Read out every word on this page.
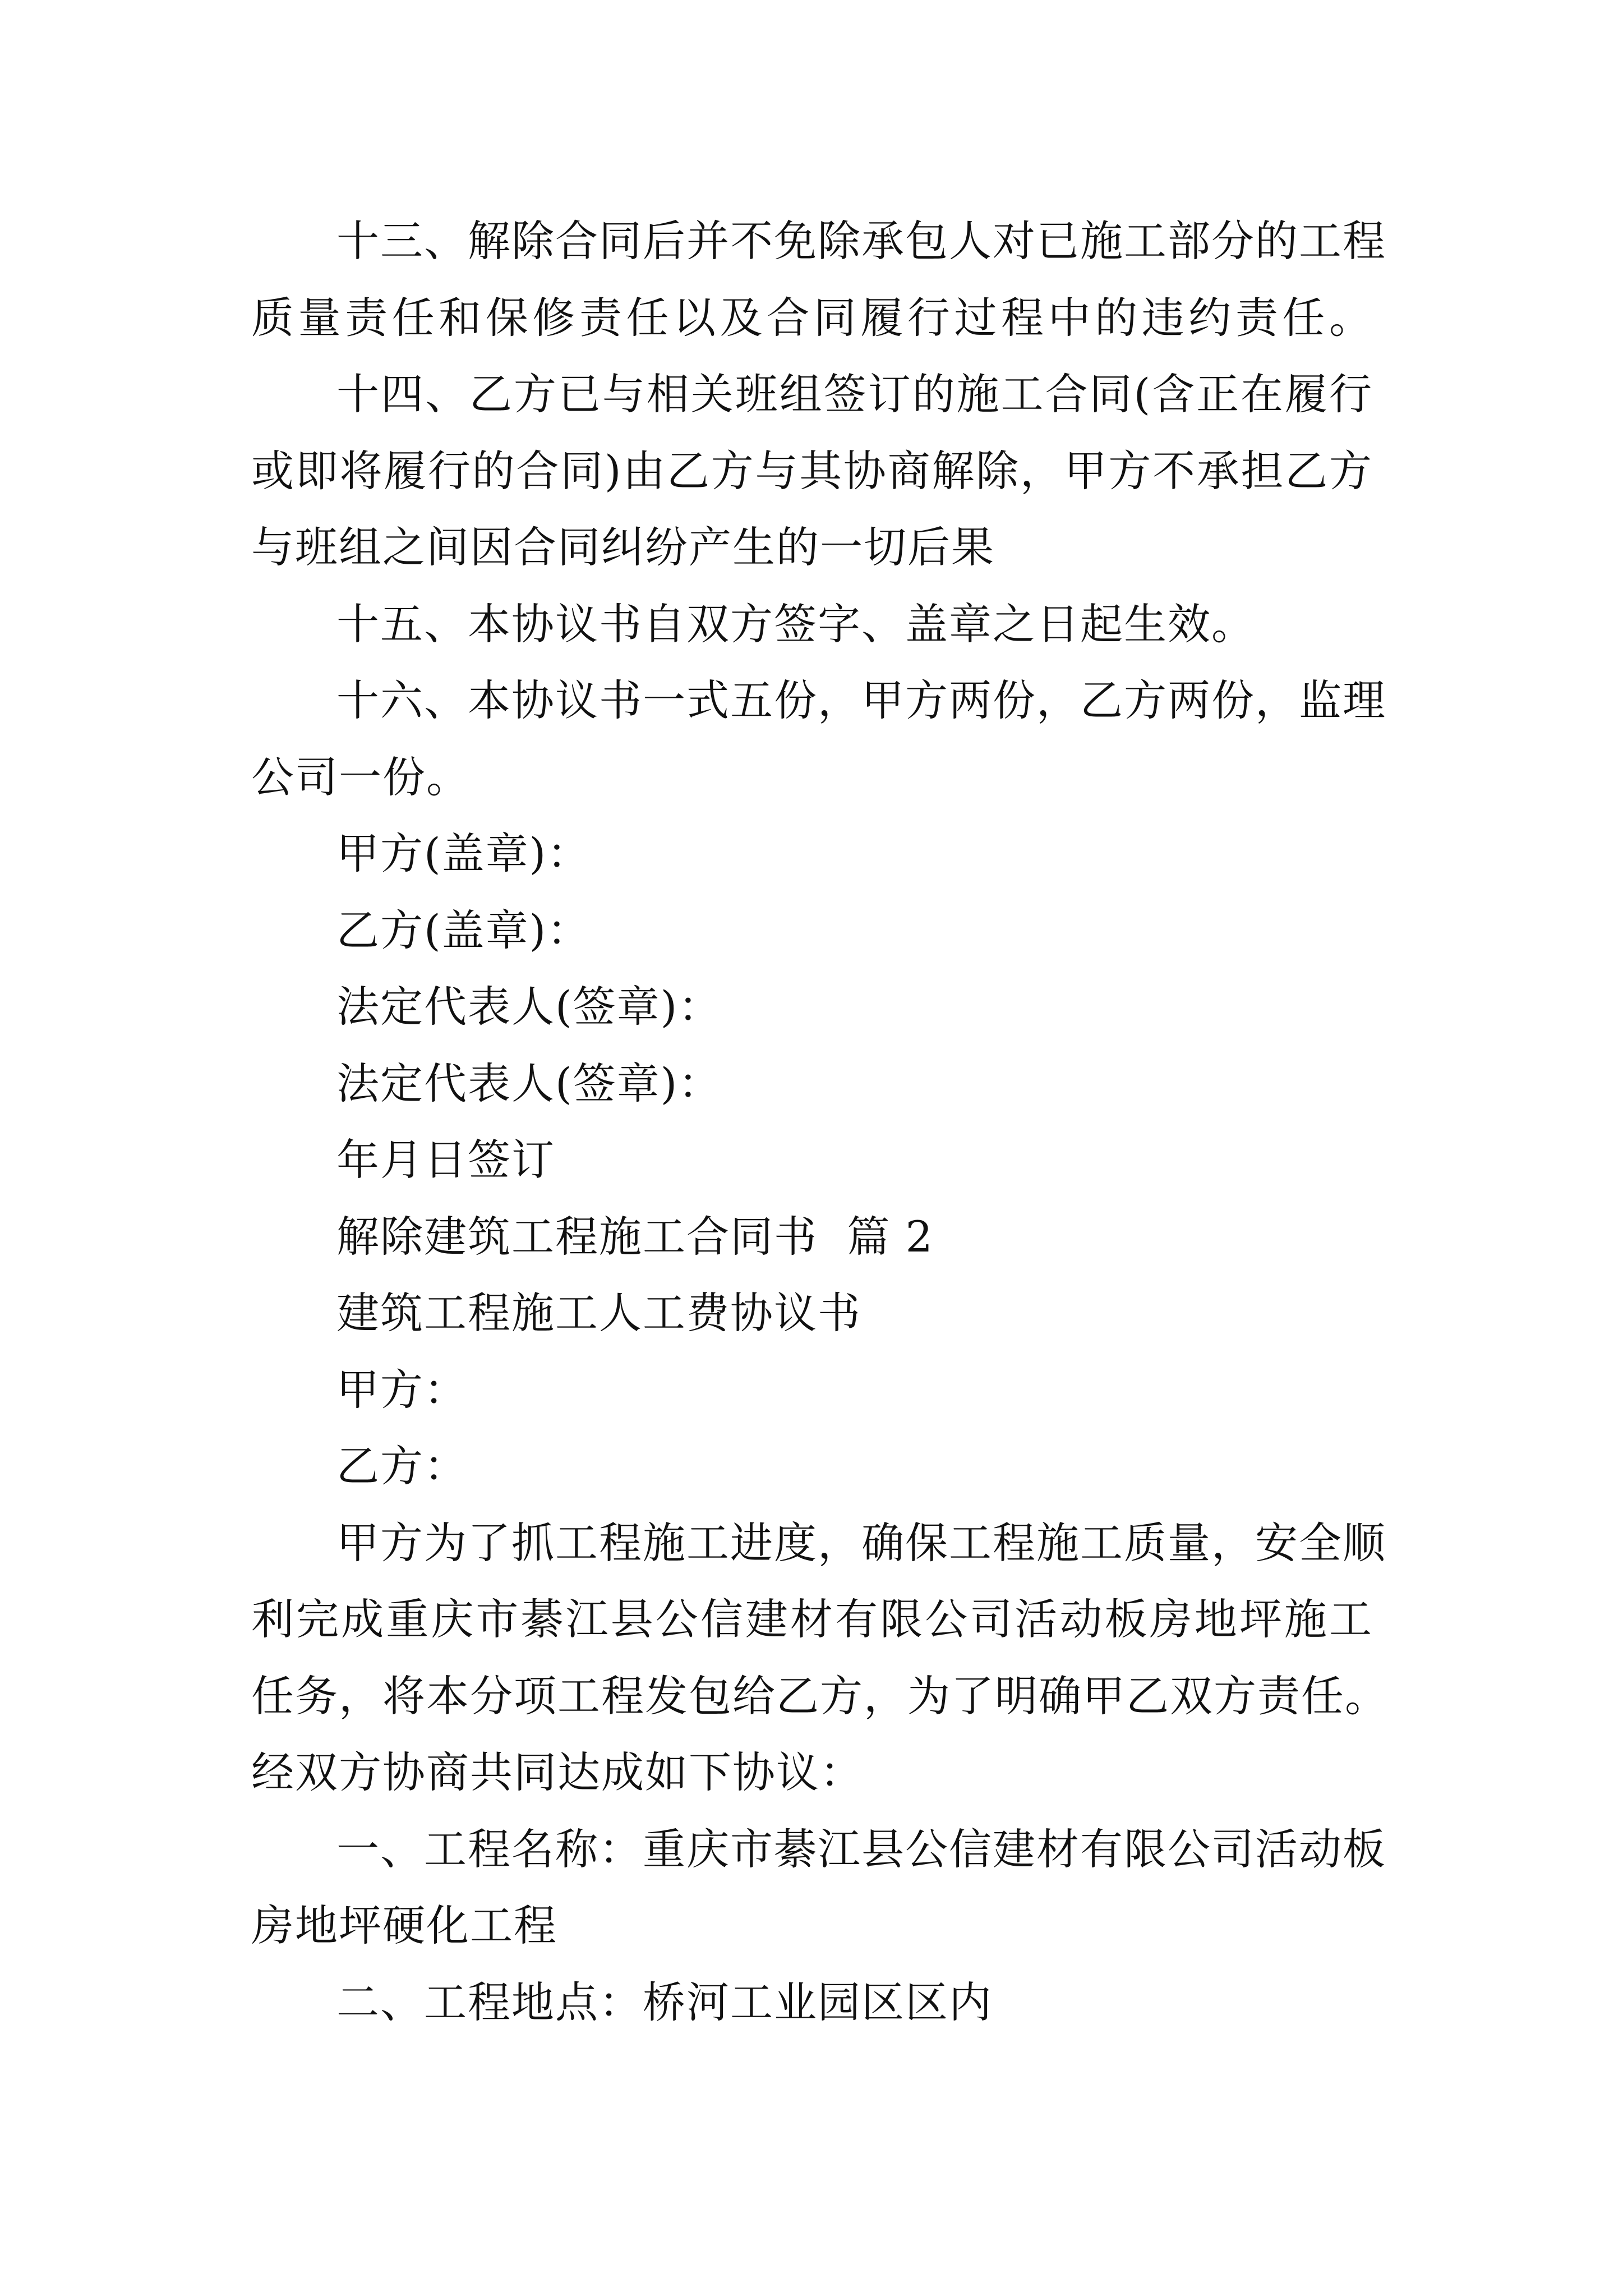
十三、解除合同后并不免除承包人对已施工部分的工程
质量责任和保修责任以及合同履行过程中的违约责任。
十四、乙方已与相关班组签订的施工合同(含正在履行
或即将履行的合同)由乙方与其协商解除，甲方不承担乙方
与班组之间因合同纠纷产生的一切后果
十五、本协议书自双方签字、盖章之日起生效。
十六、本协议书一式五份，甲方两份，乙方两份，监理
公司一份。
甲方(盖章)：
乙方(盖章)：
法定代表人(签章)：
法定代表人(签章)：
年月日签订
解除建筑工程施工合同书  篇 2
建筑工程施工人工费协议书
甲方：
乙方：
甲方为了抓工程施工进度，确保工程施工质量，安全顺
利完成重庆市綦江县公信建材有限公司活动板房地坪施工
任务，将本分项工程发包给乙方，为了明确甲乙双方责任。
经双方协商共同达成如下协议：
一、工程名称：重庆市綦江县公信建材有限公司活动板
房地坪硬化工程
二、工程地点：桥河工业园区区内
